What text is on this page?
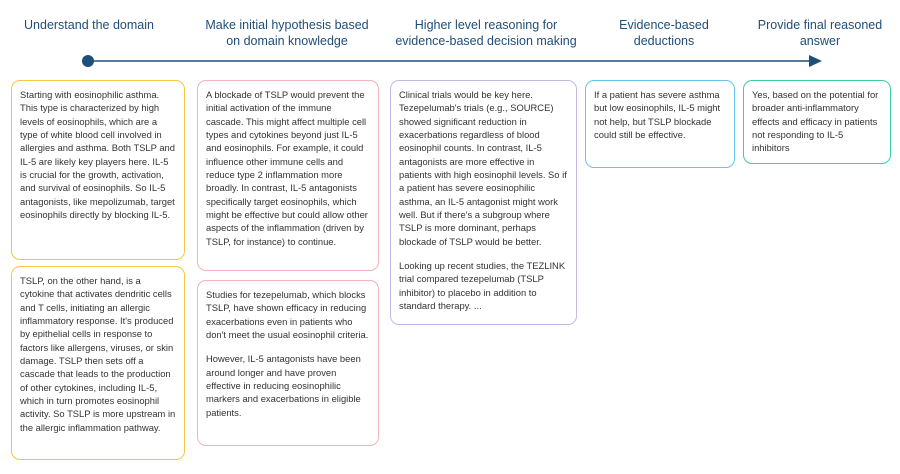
Understand the domain	Make initial hypothesis based on domain knowledge
Higher level reasoning for evidence-based decision making
Evidence-based deductions
Provide final reasoned answer

Starting with eosinophilic asthma. This type is characterized by high levels of eosinophils, which are a type of white blood cell involved in allergies and asthma. Both TSLP and IL-5 are likely key players here. IL-5 is crucial for the growth, activation, and survival of eosinophils. So IL-5 antagonists, like mepolizumab, target eosinophils directly by blocking IL-5.

TSLP, on the other hand, is a cytokine that activates dendritic cells and T cells, initiating an allergic inflammatory response. It's produced by epithelial cells in response to factors like allergens, viruses, or skin damage. TSLP then sets off a cascade that leads to the production of other cytokines, including IL-5, which in turn promotes eosinophil activity. So TSLP is more upstream in the allergic inflammation pathway.

A blockade of TSLP would prevent the initial activation of the immune cascade. This might affect multiple cell types and cytokines beyond just IL-5 and eosinophils. For example, it could influence other immune cells and reduce type 2 inflammation more broadly. In contrast, IL-5 antagonists specifically target eosinophils, which might be effective but could allow other aspects of the inflammation (driven by TSLP, for instance) to continue.

Studies for tezepelumab, which blocks TSLP, have shown efficacy in reducing exacerbations even in patients who don't meet the usual eosinophil criteria.

However, IL-5 antagonists have been around longer and have proven effective in reducing eosinophilic markers and exacerbations in eligible patients.

Clinical trials would be key here. Tezepelumab's trials (e.g., SOURCE) showed significant reduction in exacerbations regardless of blood eosinophil counts. In contrast, IL-5 antagonists are more effective in patients with high eosinophil levels. So if a patient has severe eosinophilic asthma, an IL-5 antagonist might work well. But if there's a subgroup where TSLP is more dominant, perhaps blockade of TSLP would be better.

Looking up recent studies, the TEZLINK trial compared tezepelumab (TSLP inhibitor) to placebo in addition to standard therapy. ...

If a patient has severe asthma but low eosinophils, IL-5 might not help, but TSLP blockade could still be effective.

Yes, based on the potential for broader anti-inflammatory effects and efficacy in patients not responding to IL-5 inhibitors
